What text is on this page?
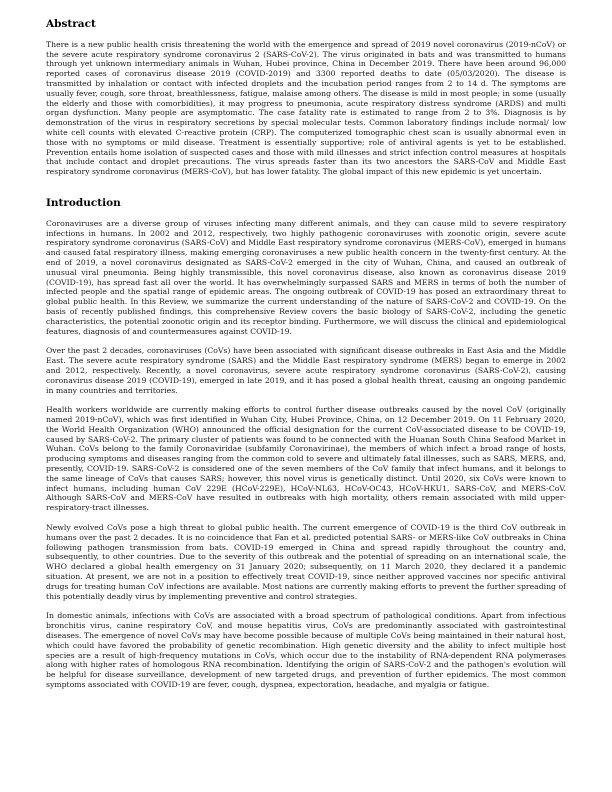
Abstract

There is a new public health crisis threatening the world with the emergence and spread of 2019 novel coronavirus (2019-nCoV) or the severe acute respiratory syndrome coronavirus 2 (SARS-CoV-2). The virus originated in bats and was transmitted to humans through yet unknown intermediary animals in Wuhan, Hubei province, China in December 2019. There have been around 96,000 reported cases of coronavirus disease 2019 (COVID-2019) and 3300 reported deaths to date (05/03/2020). The disease is transmitted by inhalation or contact with infected droplets and the incubation period ranges from 2 to 14 d. The symptoms are usually fever, cough, sore throat, breathlessness, fatigue, malaise among others. The disease is mild in most people; in some (usually the elderly and those with comorbidities), it may progress to pneumonia, acute respiratory distress syndrome (ARDS) and multi organ dysfunction. Many people are asymptomatic. The case fatality rate is estimated to range from 2 to 3%. Diagnosis is by demonstration of the virus in respiratory secretions by special molecular tests. Common laboratory findings include normal/ low white cell counts with elevated C-reactive protein (CRP). The computerized tomographic chest scan is usually abnormal even in those with no symptoms or mild disease. Treatment is essentially supportive; role of antiviral agents is yet to be established. Prevention entails home isolation of suspected cases and those with mild illnesses and strict infection control measures at hospitals that include contact and droplet precautions. The virus spreads faster than its two ancestors the SARS-CoV and Middle East respiratory syndrome coronavirus (MERS-CoV), but has lower fatality. The global impact of this new epidemic is yet uncertain.

Introduction

Coronaviruses are a diverse group of viruses infecting many different animals, and they can cause mild to severe respiratory infections in humans. In 2002 and 2012, respectively, two highly pathogenic coronaviruses with zoonotic origin, severe acute respiratory syndrome coronavirus (SARS-CoV) and Middle East respiratory syndrome coronavirus (MERS-CoV), emerged in humans and caused fatal respiratory illness, making emerging coronaviruses a new public health concern in the twenty-first century. At the end of 2019, a novel coronavirus designated as SARS-CoV-2 emerged in the city of Wuhan, China, and caused an outbreak of unusual viral pneumonia. Being highly transmissible, this novel coronavirus disease, also known as coronavirus disease 2019 (COVID-19), has spread fast all over the world. It has overwhelmingly surpassed SARS and MERS in terms of both the number of infected people and the spatial range of epidemic areas. The ongoing outbreak of COVID-19 has posed an extraordinary threat to global public health. In this Review, we summarize the current understanding of the nature of SARS-CoV-2 and COVID-19. On the basis of recently published findings, this comprehensive Review covers the basic biology of SARS-CoV-2, including the genetic characteristics, the potential zoonotic origin and its receptor binding. Furthermore, we will discuss the clinical and epidemiological features, diagnosis of and countermeasures against COVID-19.

Over the past 2 decades, coronaviruses (CoVs) have been associated with significant disease outbreaks in East Asia and the Middle East. The severe acute respiratory syndrome (SARS) and the Middle East respiratory syndrome (MERS) began to emerge in 2002 and 2012, respectively. Recently, a novel coronavirus, severe acute respiratory syndrome coronavirus (SARS-CoV-2), causing coronavirus disease 2019 (COVID-19), emerged in late 2019, and it has posed a global health threat, causing an ongoing pandemic in many countries and territories.

Health workers worldwide are currently making efforts to control further disease outbreaks caused by the novel CoV (originally named 2019-nCoV), which was first identified in Wuhan City, Hubei Province, China, on 12 December 2019. On 11 February 2020, the World Health Organization (WHO) announced the official designation for the current CoV-associated disease to be COVID-19, caused by SARS-CoV-2. The primary cluster of patients was found to be connected with the Huanan South China Seafood Market in Wuhan. CoVs belong to the family Coronaviridae (subfamily Coronavirinae), the members of which infect a broad range of hosts, producing symptoms and diseases ranging from the common cold to severe and ultimately fatal illnesses, such as SARS, MERS, and, presently, COVID-19. SARS-CoV-2 is considered one of the seven members of the CoV family that infect humans, and it belongs to the same lineage of CoVs that causes SARS; however, this novel virus is genetically distinct. Until 2020, six CoVs were known to infect humans, including human CoV 229E (HCoV-229E), HCoV-NL63, HCoV-OC43, HCoV-HKU1, SARS-CoV, and MERS-CoV. Although SARS-CoV and MERS-CoV have resulted in outbreaks with high mortality, others remain associated with mild upper-respiratory-tract illnesses.

Newly evolved CoVs pose a high threat to global public health. The current emergence of COVID-19 is the third CoV outbreak in humans over the past 2 decades. It is no coincidence that Fan et al. predicted potential SARS- or MERS-like CoV outbreaks in China following pathogen transmission from bats. COVID-19 emerged in China and spread rapidly throughout the country and, subsequently, to other countries. Due to the severity of this outbreak and the potential of spreading on an international scale, the WHO declared a global health emergency on 31 January 2020; subsequently, on 11 March 2020, they declared it a pandemic situation. At present, we are not in a position to effectively treat COVID-19, since neither approved vaccines nor specific antiviral drugs for treating human CoV infections are available. Most nations are currently making efforts to prevent the further spreading of this potentially deadly virus by implementing preventive and control strategies.

In domestic animals, infections with CoVs are associated with a broad spectrum of pathological conditions. Apart from infectious bronchitis virus, canine respiratory CoV, and mouse hepatitis virus, CoVs are predominantly associated with gastrointestinal diseases. The emergence of novel CoVs may have become possible because of multiple CoVs being maintained in their natural host, which could have favored the probability of genetic recombination. High genetic diversity and the ability to infect multiple host species are a result of high-frequency mutations in CoVs, which occur due to the instability of RNA-dependent RNA polymerases along with higher rates of homologous RNA recombination. Identifying the origin of SARS-CoV-2 and the pathogen's evolution will be helpful for disease surveillance, development of new targeted drugs, and prevention of further epidemics. The most common symptoms associated with COVID-19 are fever, cough, dyspnea, expectoration, headache, and myalgia or fatigue.
